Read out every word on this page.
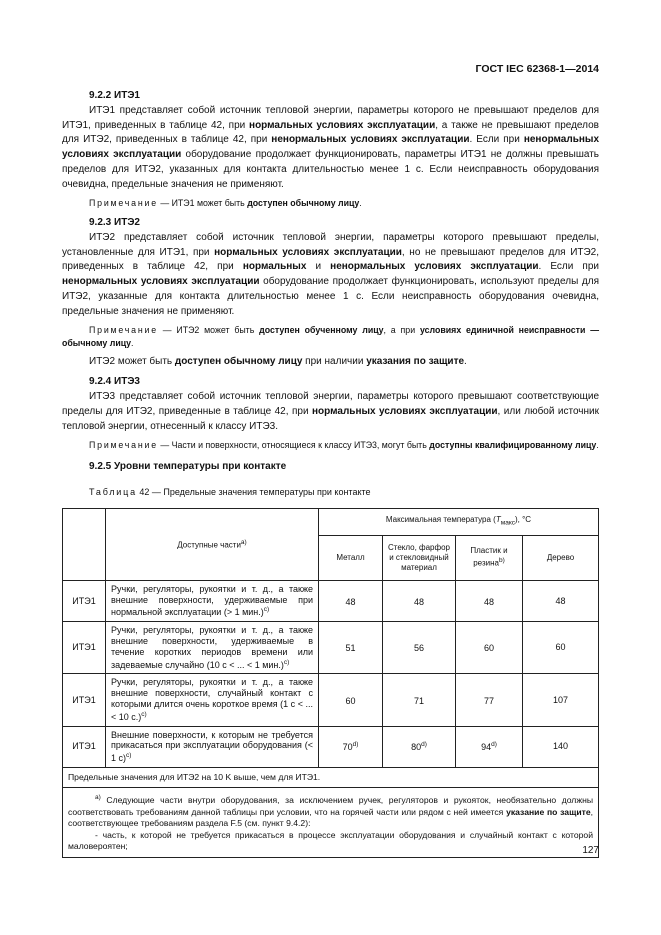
ГОСТ IEC 62368-1—2014
9.2.2 ИТЭ1

ИТЭ1 представляет собой источник тепловой энергии, параметры которого не превышают пределов для ИТЭ1, приведенных в таблице 42, при нормальных условиях эксплуатации, а также не превышают пределов для ИТЭ2, приведенных в таблице 42, при ненормальных условиях эксплуатации. Если при ненормальных условиях эксплуатации оборудование продолжает функционировать, параметры ИТЭ1 не должны превышать пределов для ИТЭ2, указанных для контакта длительностью менее 1 с. Если неисправность оборудования очевидна, предельные значения не применяют.

Примечание — ИТЭ1 может быть доступен обычному лицу.

9.2.3 ИТЭ2

ИТЭ2 представляет собой источник тепловой энергии, параметры которого превышают пределы, установленные для ИТЭ1, при нормальных условиях эксплуатации, но не превышают пределов для ИТЭ2, приведенных в таблице 42, при нормальных и ненормальных условиях эксплуатации. Если при ненормальных условиях эксплуатации оборудование продолжает функционировать, используют пределы для ИТЭ2, указанные для контакта длительностью менее 1 с. Если неисправность оборудования очевидна, предельные значения не применяют.

Примечание — ИТЭ2 может быть доступен обученному лицу, а при условиях единичной неисправности — обычному лицу.

ИТЭ2 может быть доступен обычному лицу при наличии указания по защите.

9.2.4 ИТЭ3

ИТЭ3 представляет собой источник тепловой энергии, параметры которого превышают соответствующие пределы для ИТЭ2, приведенные в таблице 42, при нормальных условиях эксплуатации, или любой источник тепловой энергии, отнесенный к классу ИТЭ3.

Примечание — Части и поверхности, относящиеся к классу ИТЭ3, могут быть доступны квалифицированному лицу.

9.2.5 Уровни температуры при контакте

Таблица 42 — Предельные значения температуры при контакте

	Доступные части$^{a)}$	Максимальная температура $(T_{макс})$, °С			
		Металл	Стекло, фарфор и стекловидный материал	Пластик и резина$^{b)}$	Дерево
ИТЭ1	Ручки, регуляторы, рукоятки и т. д., а также внешние поверхности, удерживаемые при нормальной эксплуатации (> 1 мин.)$^{c)}$	48	48	48	48
ИТЭ1	Ручки, регуляторы, рукоятки и т. д., а также внешние поверхности, удерживаемые в течение коротких периодов времени или задеваемые случайно (10 с < ... < 1 мин.)$^{c)}$	51	56	60	60
ИТЭ1	Ручки, регуляторы, рукоятки и т. д., а также внешние поверхности, случайный контакт с которыми длится очень короткое время (1 с < ... < 10 с.)$^{c)}$	60	71	77	107
ИТЭ1	Внешние поверхности, к которым не требуется прикасаться при эксплуатации оборудования (< 1 с)$^{c)}$	70$^{d)}$	80$^{d)}$	94$^{d)}$	140
Предельные значения для ИТЭ2 на 10 K выше, чем для ИТЭ1.					

$^{a)}$ Следующие части внутри оборудования, за исключением ручек, регуляторов и рукояток, необязательно должны соответствовать требованиям данной таблицы при условии, что на горячей части или рядом с ней имеется указание по защите, соответствующее требованиям раздела F.5 (см. пункт 9.4.2):

- часть, к которой не требуется прикасаться в процессе эксплуатации оборудования и случайный контакт с которой маловероятен;						127
